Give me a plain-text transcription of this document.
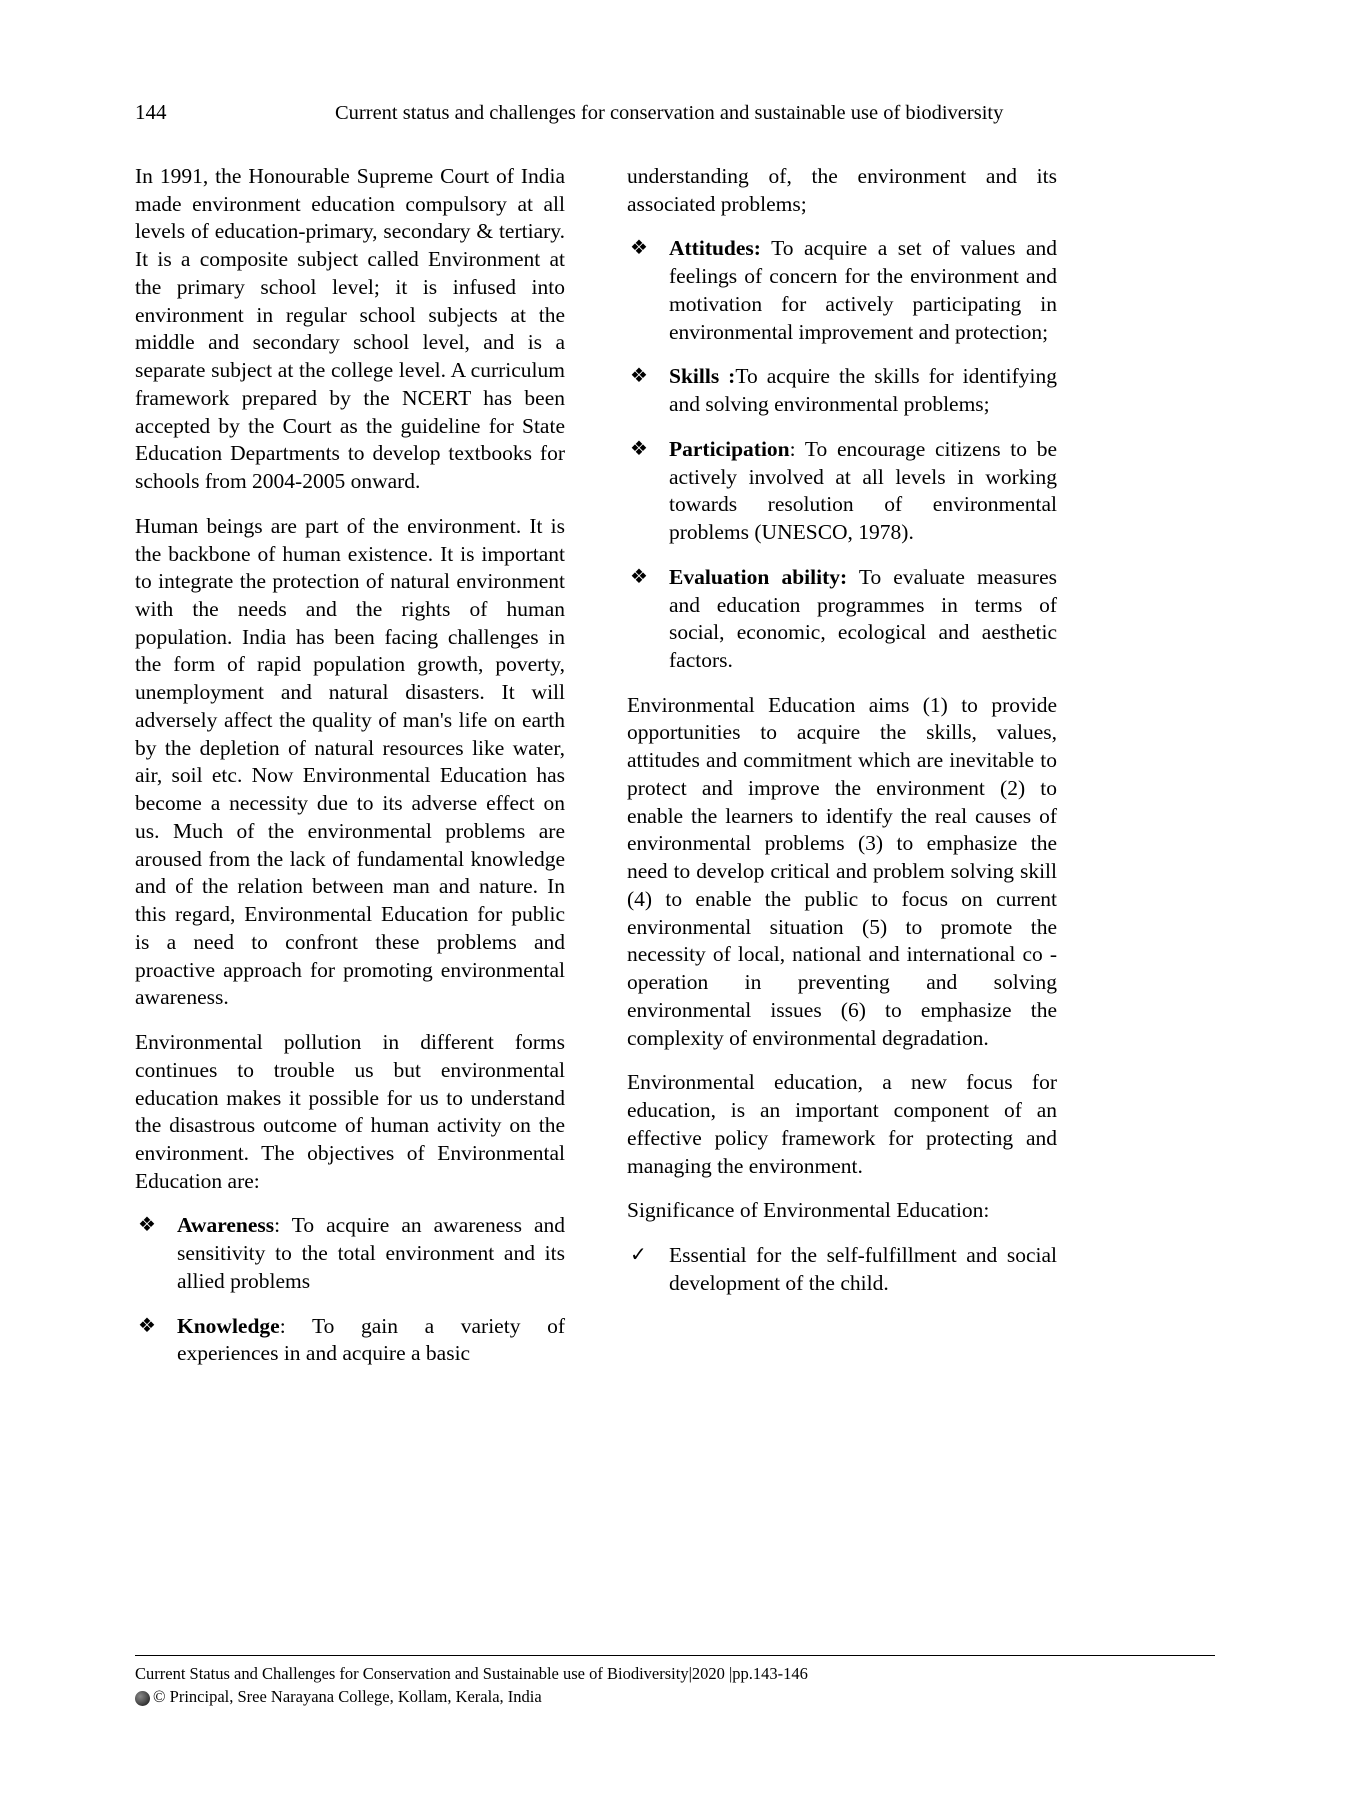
144	Current status and challenges for conservation and sustainable use of biodiversity

In 1991, the Honourable Supreme Court of India made environment education compulsory at all levels of education-primary, secondary & tertiary. It is a composite subject called Environment at the primary school level; it is infused into environment in regular school subjects at the middle and secondary school level, and is a separate subject at the college level. A curriculum framework prepared by the NCERT has been accepted by the Court as the guideline for State Education Departments to develop textbooks for schools from 2004-2005 onward.

Human beings are part of the environment. It is the backbone of human existence. It is important to integrate the protection of natural environment with the needs and the rights of human population. India has been facing challenges in the form of rapid population growth, poverty, unemployment and natural disasters. It will adversely affect the quality of man's life on earth by the depletion of natural resources like water, air, soil etc. Now Environmental Education has become a necessity due to its adverse effect on us. Much of the environmental problems are aroused from the lack of fundamental knowledge and of the relation between man and nature. In this regard, Environmental Education for public is a need to confront these problems and proactive approach for promoting environmental awareness.

Environmental pollution in different forms continues to trouble us but environmental education makes it possible for us to understand the disastrous outcome of human activity on the environment. The objectives of Environmental Education are:

❖ Awareness: To acquire an awareness and sensitivity to the total environment and its allied problems
❖ Knowledge: To gain a variety of experiences in and acquire a basic

understanding of, the environment and its associated problems;

❖ Attitudes: To acquire a set of values and feelings of concern for the environment and motivation for actively participating in environmental improvement and protection;
❖ Skills :To acquire the skills for identifying and solving environmental problems;
❖ Participation: To encourage citizens to be actively involved at all levels in working towards resolution of environmental problems (UNESCO, 1978).
❖ Evaluation ability: To evaluate measures and education programmes in terms of social, economic, ecological and aesthetic factors.

Environmental Education aims (1) to provide opportunities to acquire the skills, values, attitudes and commitment which are inevitable to protect and improve the environment (2) to enable the learners to identify the real causes of environmental problems (3) to emphasize the need to develop critical and problem solving skill (4) to enable the public to focus on current environmental situation (5) to promote the necessity of local, national and international co -operation in preventing and solving environmental issues (6) to emphasize the complexity of environmental degradation.

Environmental education, a new focus for education, is an important component of an effective policy framework for protecting and managing the environment.

Significance of Environmental Education:

✓ Essential for the self-fulfillment and social development of the child.
Current Status and Challenges for Conservation and Sustainable use of Biodiversity|2020 |pp.143-146
© Principal, Sree Narayana College, Kollam, Kerala, India
